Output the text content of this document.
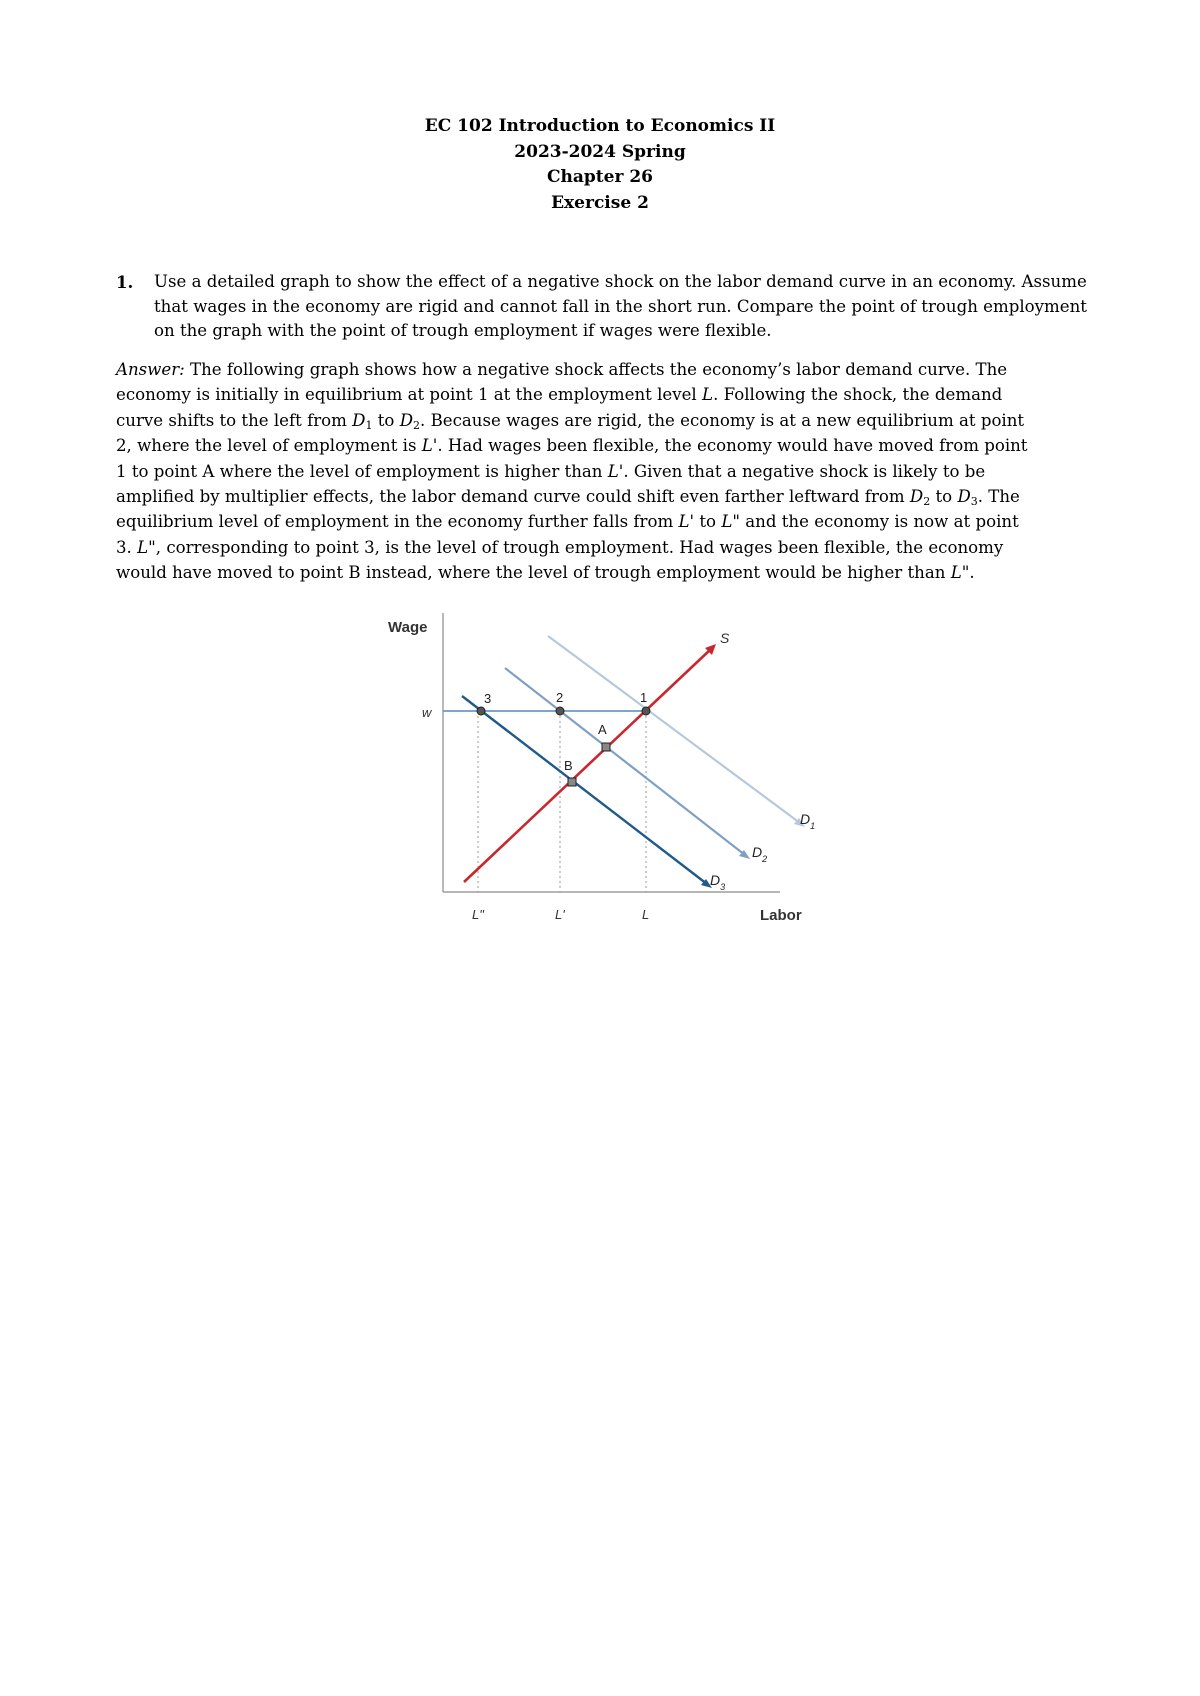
EC 102 Introduction to Economics II
2023-2024 Spring
Chapter 26
Exercise 2
1. Use a detailed graph to show the effect of a negative shock on the labor demand curve in an economy. Assume that wages in the economy are rigid and cannot fall in the short run. Compare the point of trough employment on the graph with the point of trough employment if wages were flexible.
Answer: The following graph shows how a negative shock affects the economy’s labor demand curve. The
economy is initially in equilibrium at point 1 at the employment level L. Following the shock, the demand
curve shifts to the left from $D_1$ to $D_2$. Because wages are rigid, the economy is at a new equilibrium at point
2, where the level of employment is L'. Had wages been flexible, the economy would have moved from point
1 to point A where the level of employment is higher than L'. Given that a negative shock is likely to be
amplified by multiplier effects, the labor demand curve could shift even farther leftward from $D_2$ to $D_3$. The
equilibrium level of employment in the economy further falls from L' to L" and the economy is now at point
3. L", corresponding to point 3, is the level of trough employment. Had wages been flexible, the economy
would have moved to point B instead, where the level of trough employment would be higher than L".
Wage
Labor
w
S
1
2
3
A
B
$D_1$
$D_2$
$D_3$
L"	L'	L
